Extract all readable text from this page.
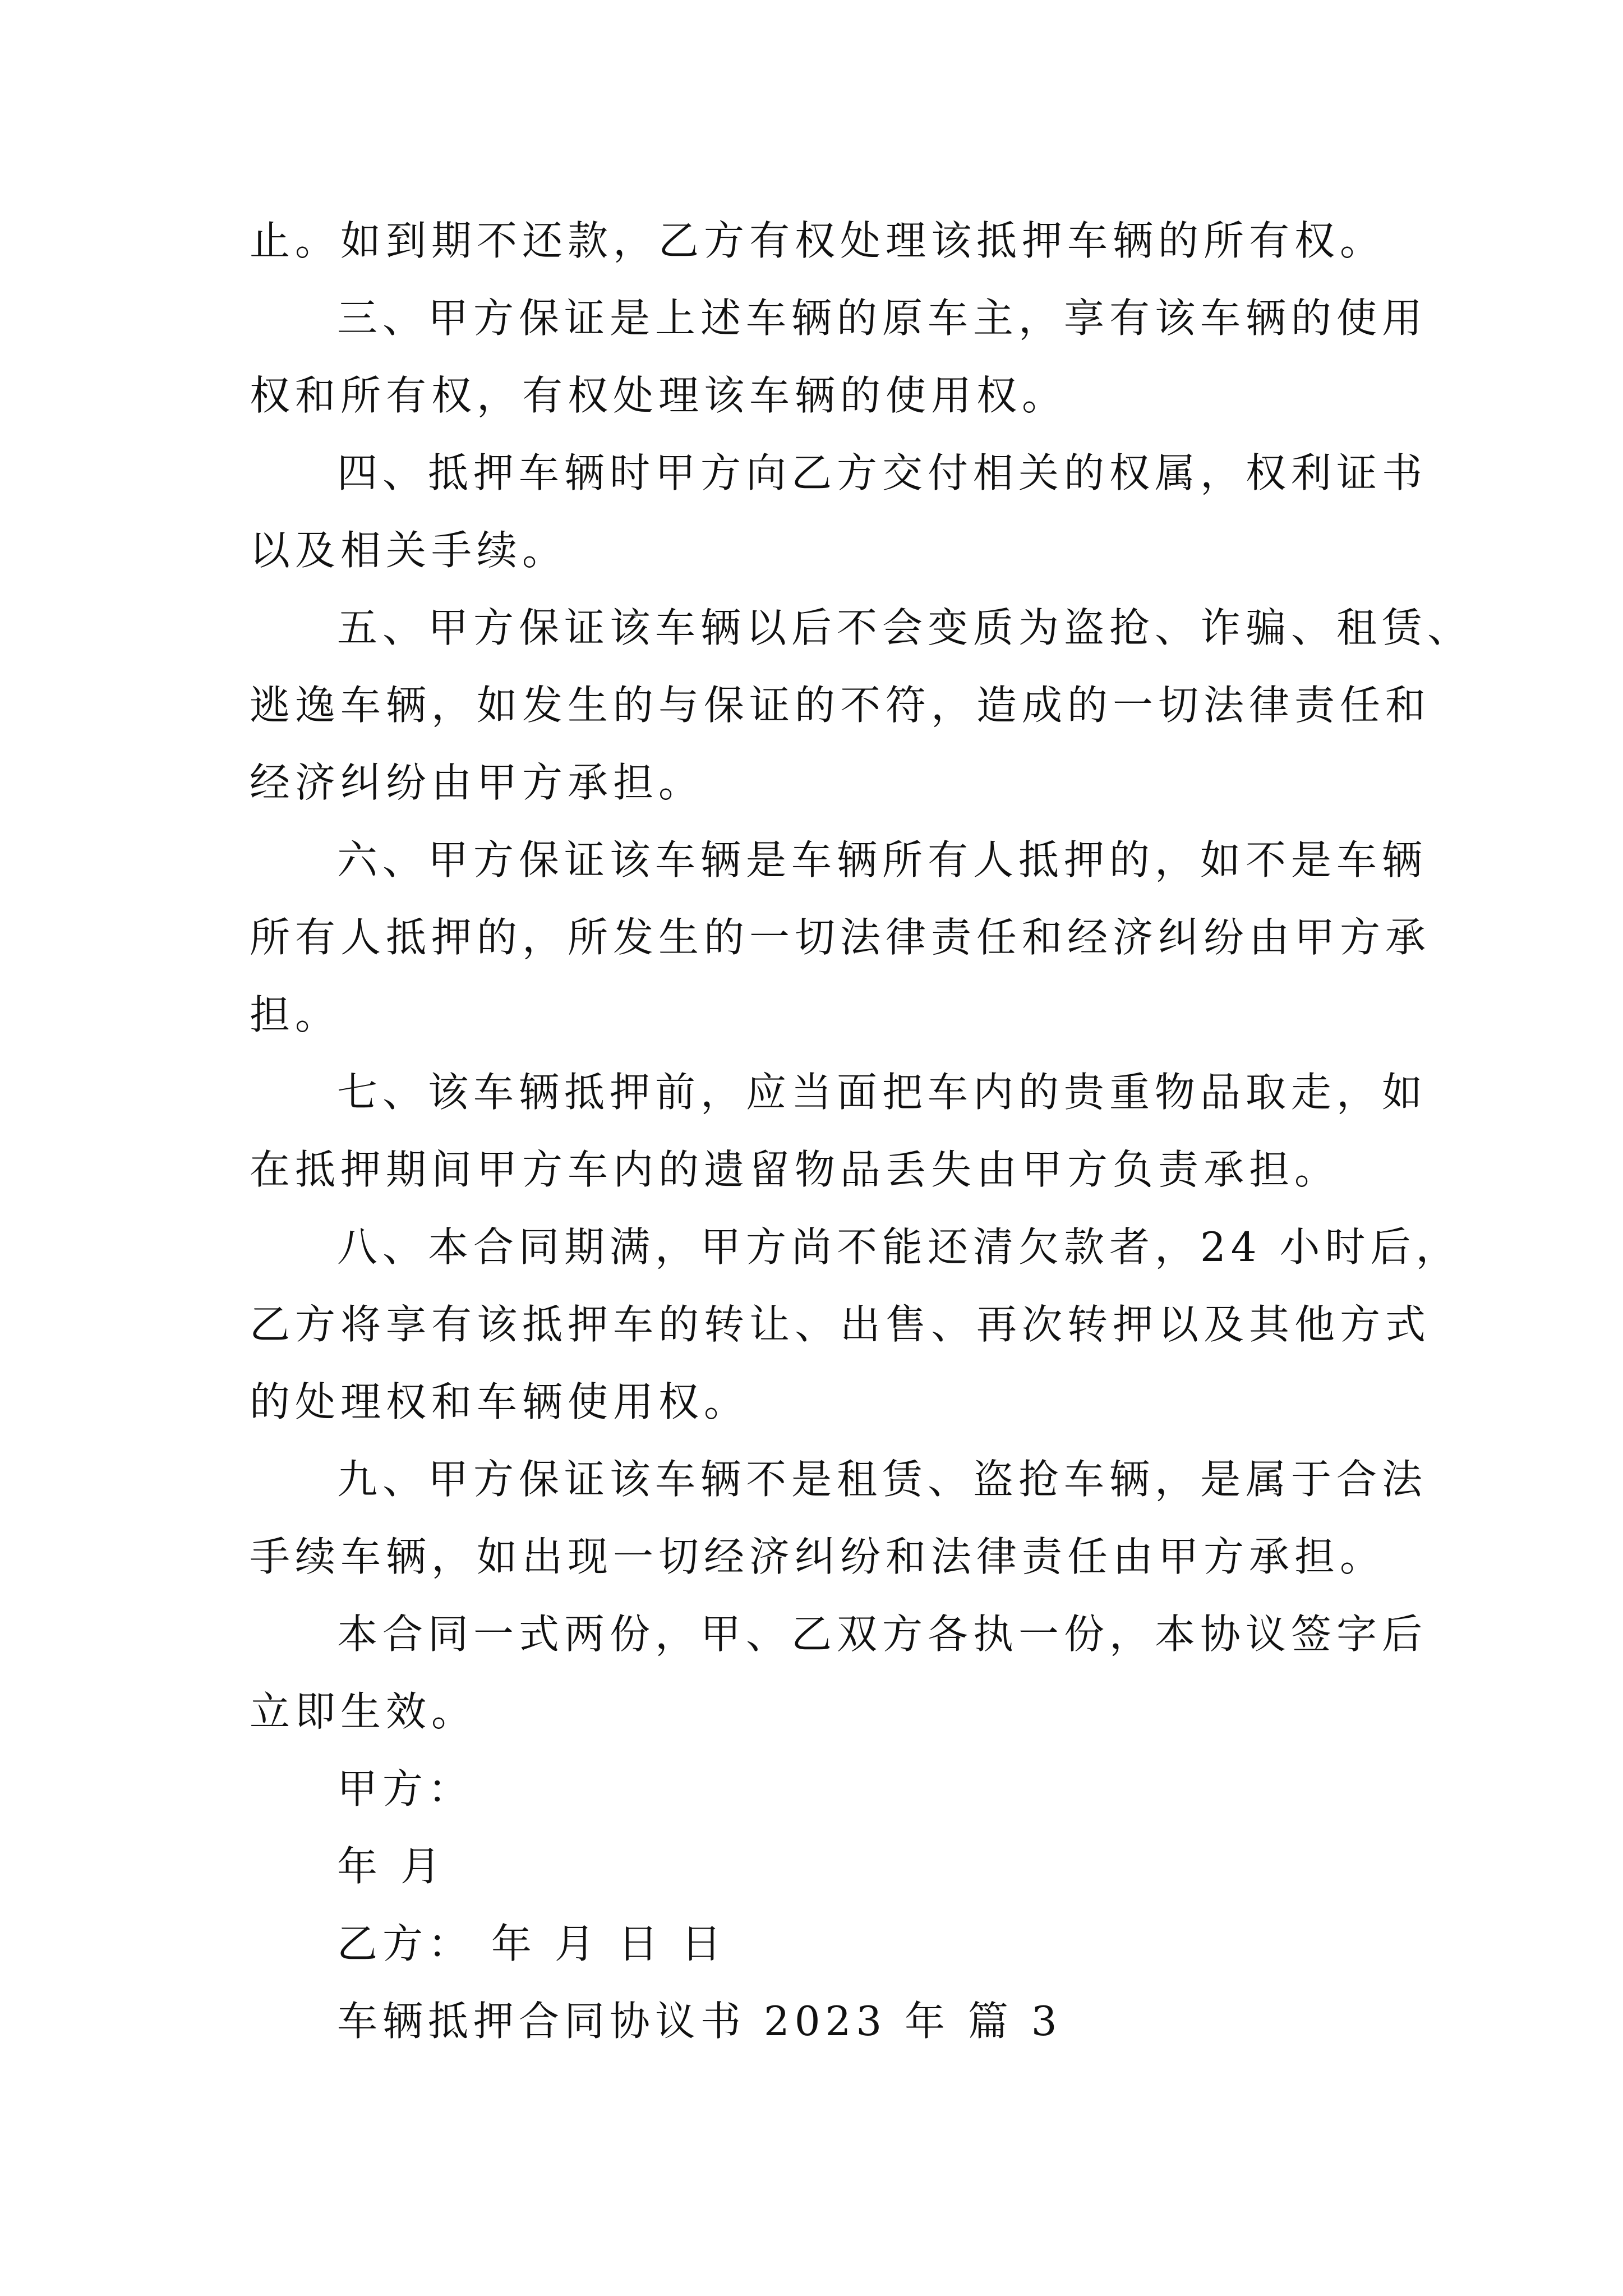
止。如到期不还款，乙方有权处理该抵押车辆的所有权。
三、甲方保证是上述车辆的原车主，享有该车辆的使用
权和所有权，有权处理该车辆的使用权。
四、抵押车辆时甲方向乙方交付相关的权属，权利证书
以及相关手续。
五、甲方保证该车辆以后不会变质为盗抢、诈骗、租赁、
逃逸车辆，如发生的与保证的不符，造成的一切法律责任和
经济纠纷由甲方承担。
六、甲方保证该车辆是车辆所有人抵押的，如不是车辆
所有人抵押的，所发生的一切法律责任和经济纠纷由甲方承
担。
七、该车辆抵押前，应当面把车内的贵重物品取走，如
在抵押期间甲方车内的遗留物品丢失由甲方负责承担。
八、本合同期满，甲方尚不能还清欠款者，24 小时后，
乙方将享有该抵押车的转让、出售、再次转押以及其他方式
的处理权和车辆使用权。
九、甲方保证该车辆不是租赁、盗抢车辆，是属于合法
手续车辆，如出现一切经济纠纷和法律责任由甲方承担。
本合同一式两份，甲、乙双方各执一份，本协议签字后
立即生效。
甲方：
年 月
乙方： 年 月 日 日
车辆抵押合同协议书 2023 年 篇 3
